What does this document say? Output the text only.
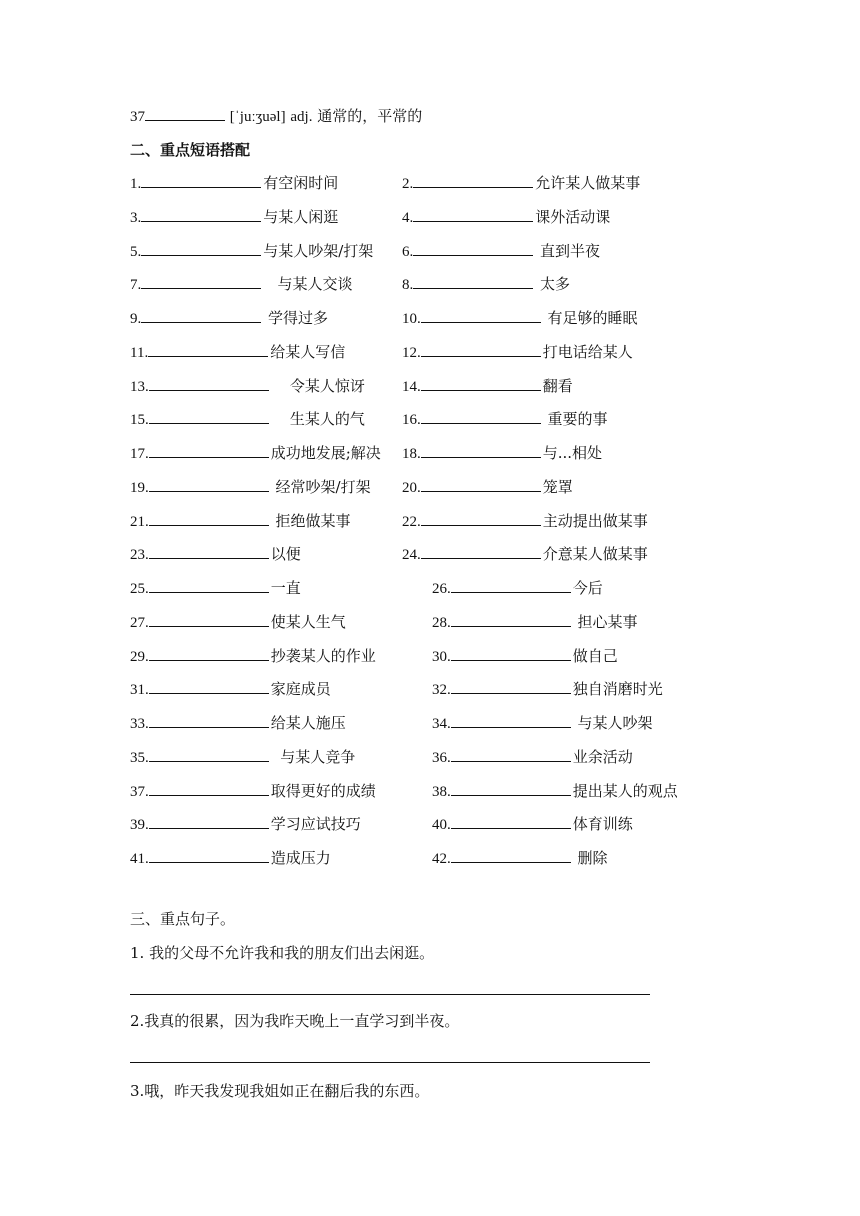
37	[ˈjuːʒuəl] adj. 通常的，平常的
二、重点短语搭配
1.	有空闲时间	2.	允许某人做某事
3.	与某人闲逛	4.	课外活动课
5.	与某人吵架/打架 6.	直到半夜
7.	与某人交谈	8.	太多
9.	学得过多	10.	有足够的睡眠
11.	给某人写信	12.	打电话给某人
13.	令某人惊讶 14.	翻看
15.	生某人的气 16.	重要的事
17.	成功地发展;解决 18.	与...相处
19.	经常吵架/打架 20.	笼罩
21.	拒绝做某事	22.	主动提出做某事
23.	以便	24.	介意某人做某事
25.	一直	26.	今后
27.	使某人生气	28.	担心某事
29.	抄袭某人的作业	30.	做自己
31.	家庭成员	32.	独自消磨时光
33.	给某人施压	34.	与某人吵架
35.	与某人竞争	36.	业余活动
37.	取得更好的成绩	38.	提出某人的观点
39.	学习应试技巧	40.	体育训练
41.	造成压力	42.	删除
三、重点句子。
1. 我的父母不允许我和我的朋友们出去闲逛。
2.我真的很累，因为我昨天晚上一直学习到半夜。
3.哦，昨天我发现我姐如正在翻后我的东西。
